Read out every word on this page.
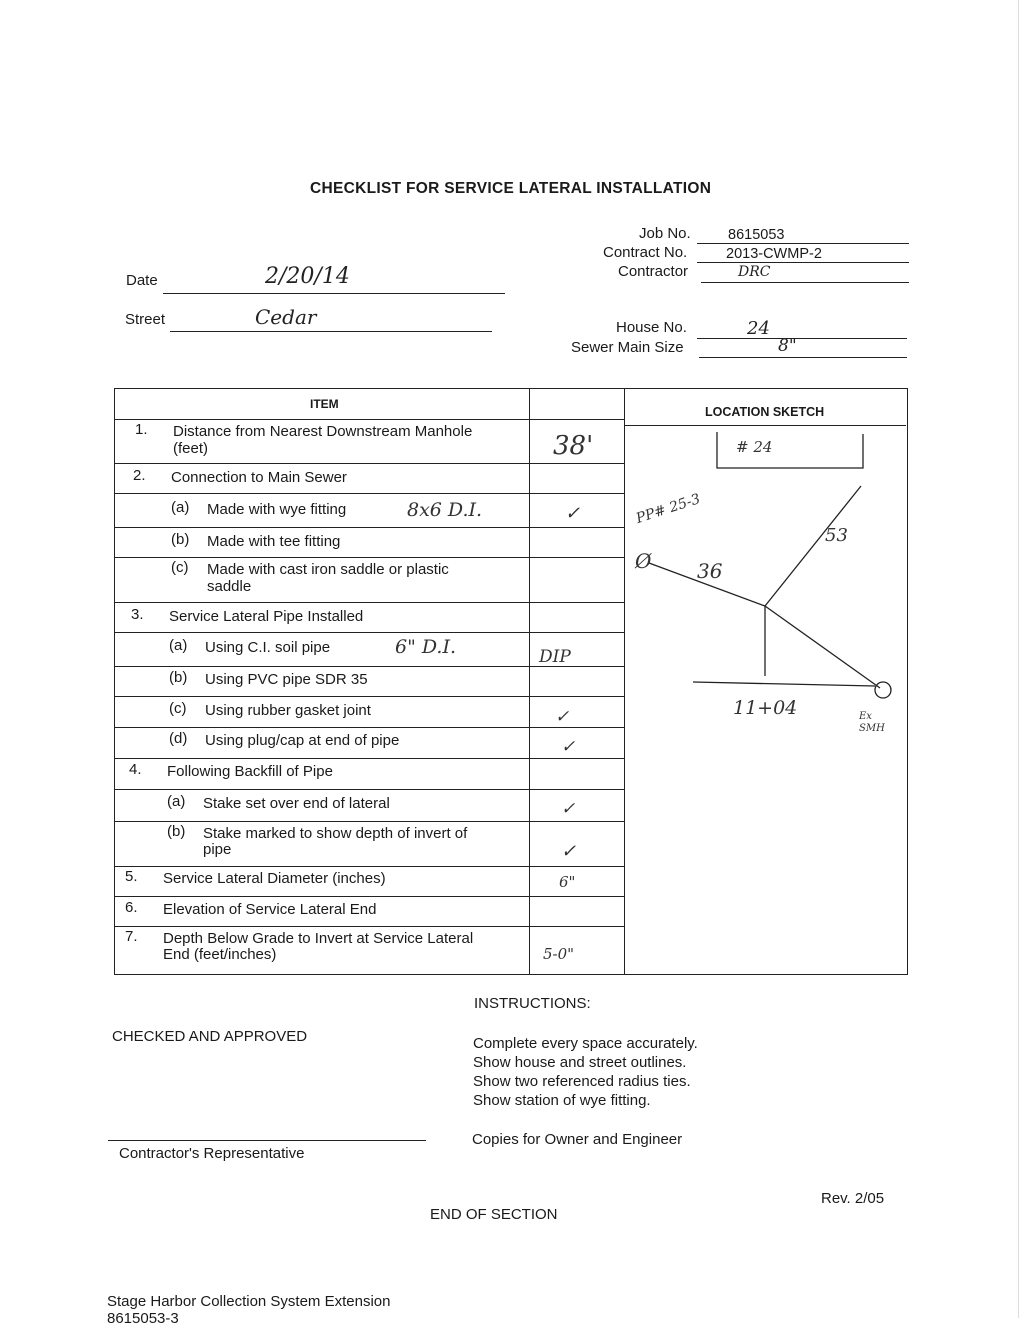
CHECKLIST FOR SERVICE LATERAL INSTALLATION
Job No.	8615053
Contract No.	2013-CWMP-2
Contractor	DRC
Date	2/20/14
Street	Cedar	House No.	24
Sewer Main Size	8"
ITEM
LOCATION SKETCH
1. Distance from Nearest Downstream Manhole
(feet)	38'
2. Connection to Main Sewer
(a) Made with wye fitting	8x6 D.I.	✓
(b) Made with tee fitting
(c) Made with cast iron saddle or plastic
saddle
3. Service Lateral Pipe Installed
(a) Using C.I. soil pipe	6" D.I.	DIP
(b) Using PVC pipe SDR 35
(c) Using rubber gasket joint	✓
(d) Using plug/cap at end of pipe	✓
4. Following Backfill of Pipe
(a) Stake set over end of lateral	✓
(b) Stake marked to show depth of invert of
pipe	✓
5. Service Lateral Diameter (inches)	6"
6. Elevation of Service Lateral End
7. Depth Below Grade to Invert at Service Lateral
End (feet/inches)	5-0"
# 24
PP# 25-3
53
36
Ø
11+04	Ex SMH
INSTRUCTIONS:
Complete every space accurately.
Show house and street outlines.
Show two referenced radius ties.
Show station of wye fitting.
Copies for Owner and Engineer
CHECKED AND APPROVED
Contractor's Representative
Rev. 2/05
END OF SECTION
Stage Harbor Collection System Extension
8615053-3
